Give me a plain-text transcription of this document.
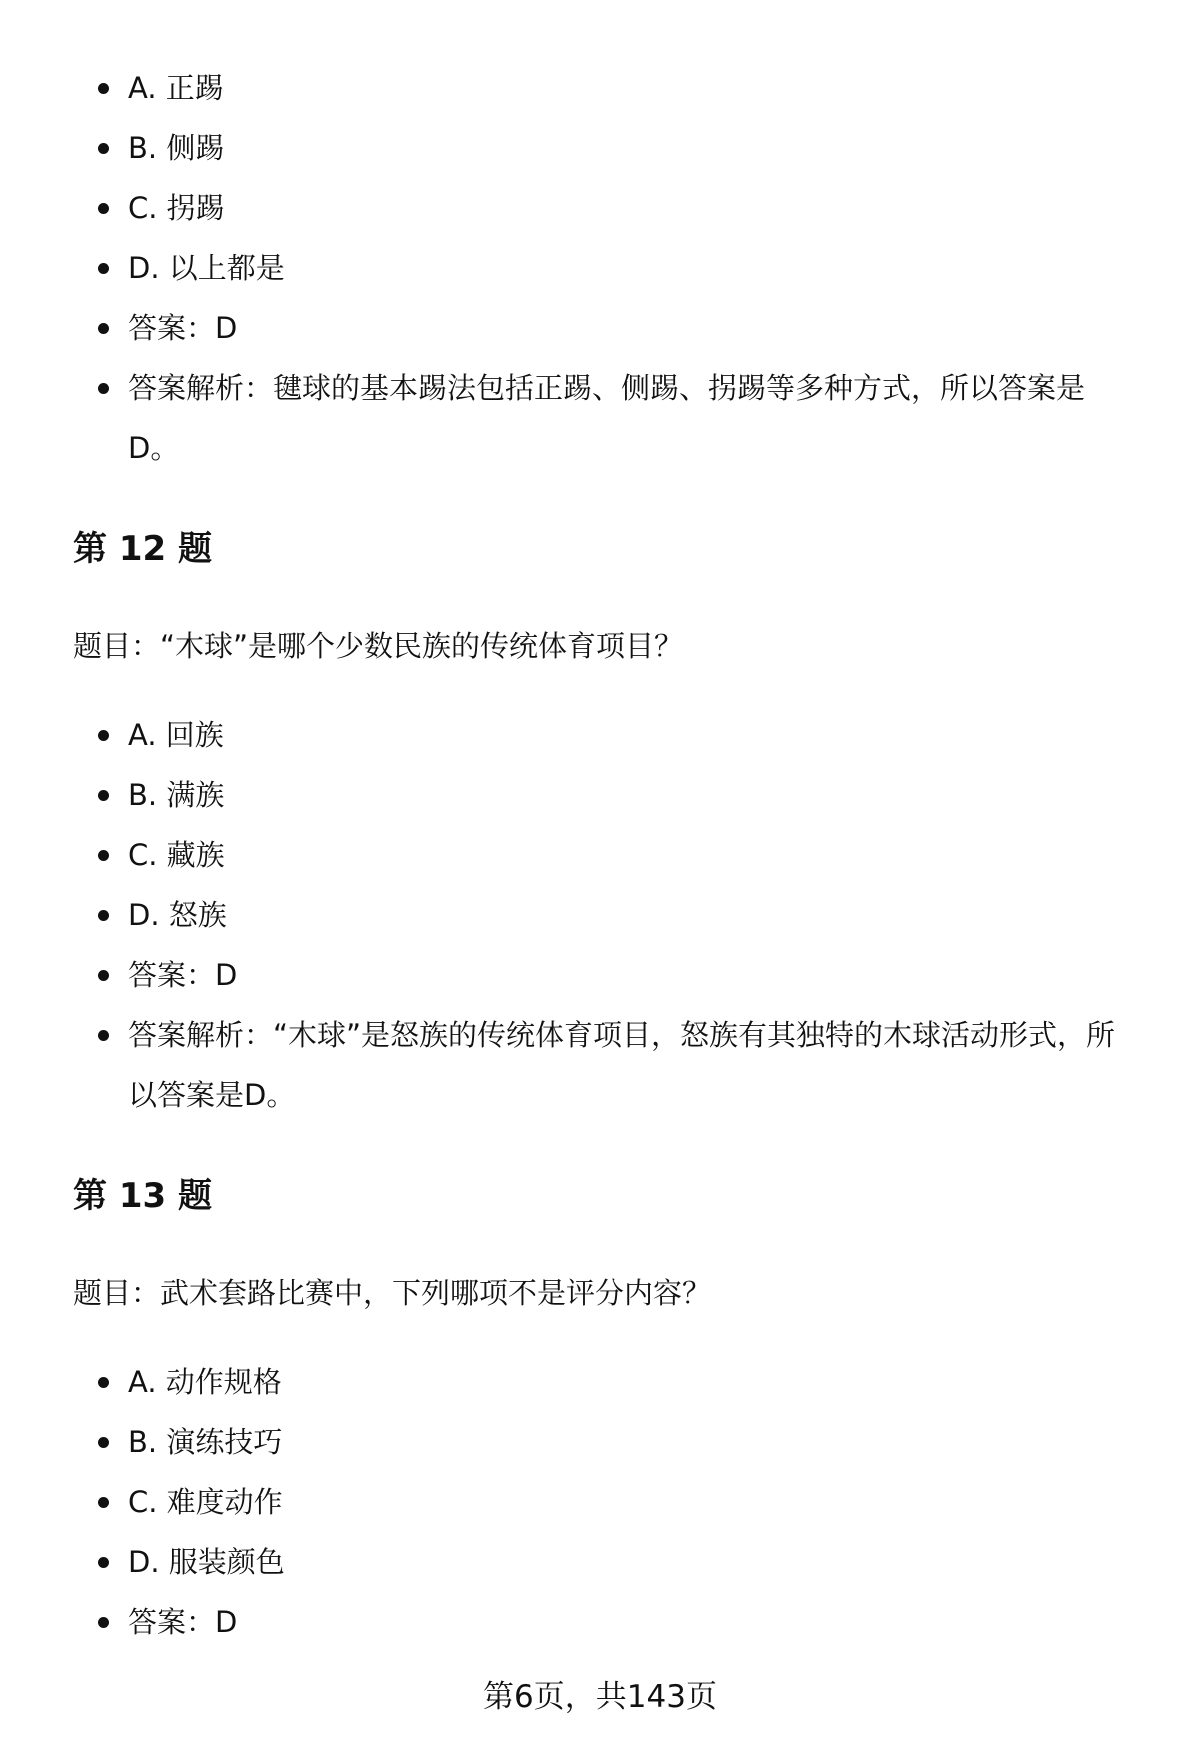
A. 正踢
B. 侧踢
C. 拐踢
D. 以上都是
答案：D
答案解析：毽球的基本踢法包括正踢、侧踢、拐踢等多种方式，所以答案是D。
第 12 题

题目：“木球”是哪个少数民族的传统体育项目？

A. 回族
B. 满族
C. 藏族
D. 怒族
答案：D
答案解析：“木球”是怒族的传统体育项目，怒族有其独特的木球活动形式，所以答案是D。
第 13 题

题目：武术套路比赛中，下列哪项不是评分内容？

A. 动作规格
B. 演练技巧
C. 难度动作
D. 服装颜色
答案：D
第6页，共143页
